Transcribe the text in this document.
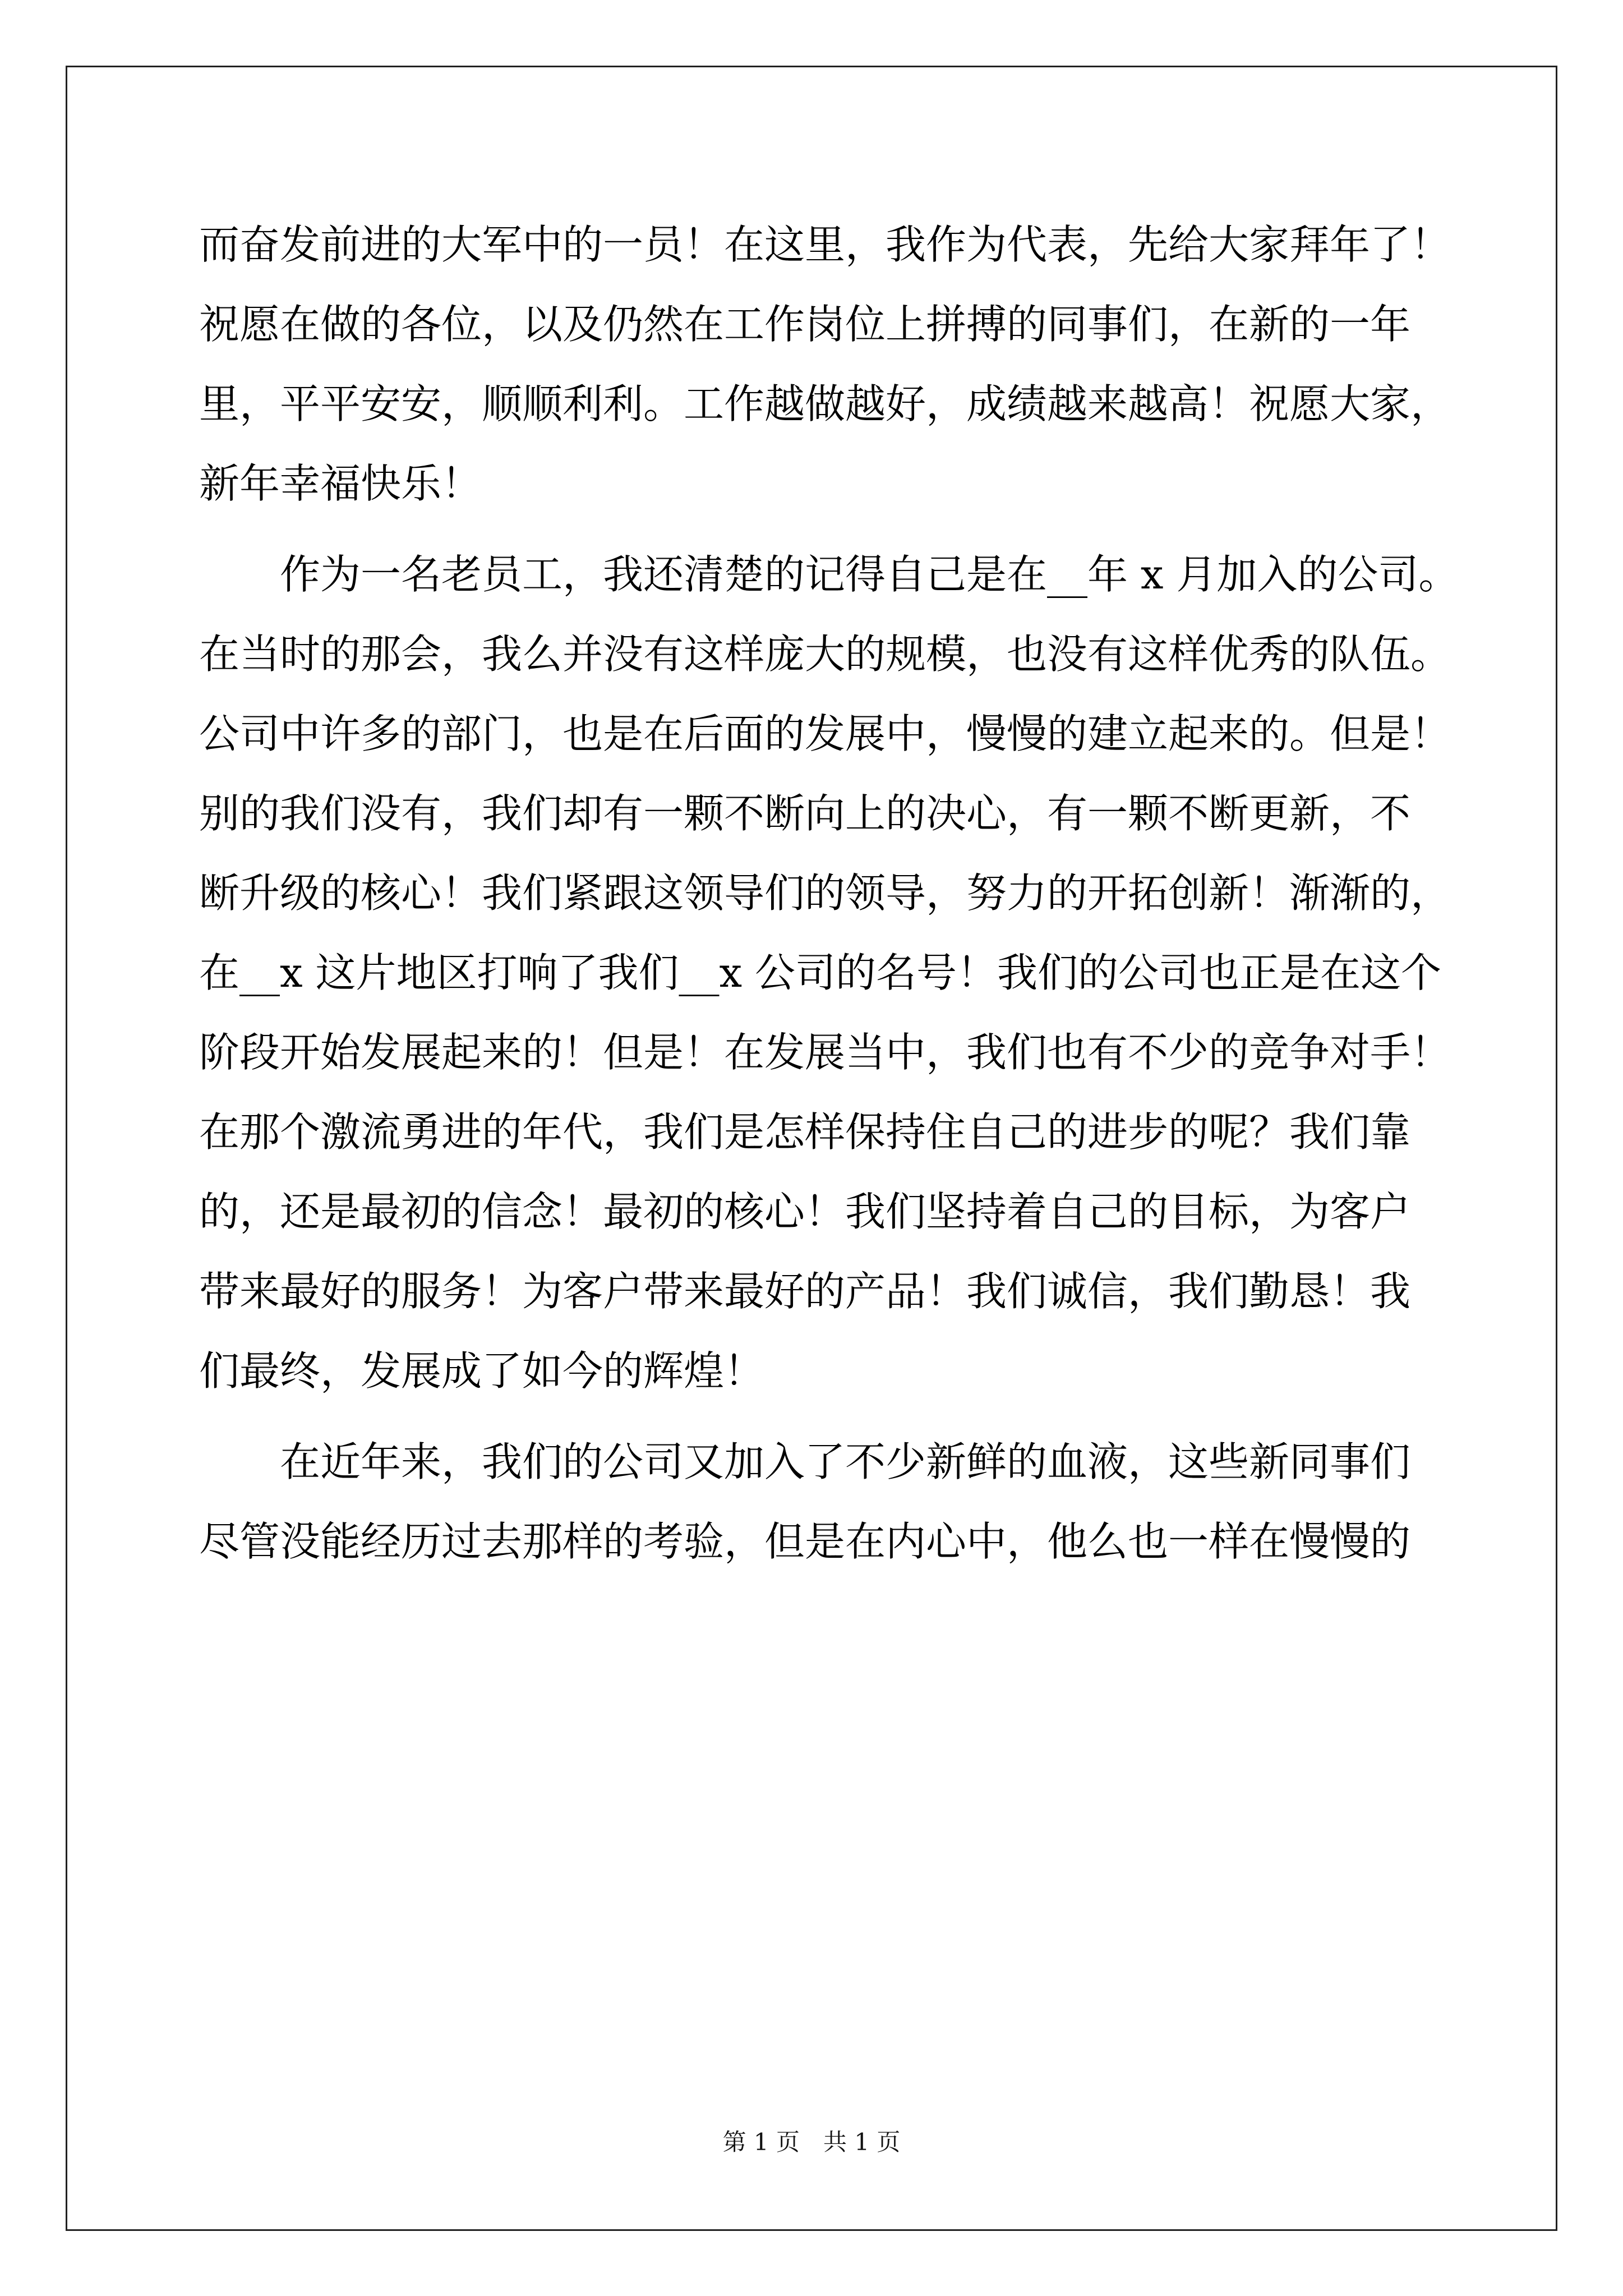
而奋发前进的大军中的一员！在这里，我作为代表，先给大家拜年了！
祝愿在做的各位，以及仍然在工作岗位上拼搏的同事们，在新的一年
里，平平安安，顺顺利利。工作越做越好，成绩越来越高！祝愿大家，
新年幸福快乐！
　　作为一名老员工，我还清楚的记得自己是在__年 x 月加入的公司。
在当时的那会，我么并没有这样庞大的规模，也没有这样优秀的队伍。
公司中许多的部门，也是在后面的发展中，慢慢的建立起来的。但是！
别的我们没有，我们却有一颗不断向上的决心，有一颗不断更新，不
断升级的核心！我们紧跟这领导们的领导，努力的开拓创新！渐渐的，
在__x 这片地区打响了我们__x 公司的名号！我们的公司也正是在这个
阶段开始发展起来的！但是！在发展当中，我们也有不少的竞争对手！
在那个激流勇进的年代，我们是怎样保持住自己的进步的呢？我们靠
的，还是最初的信念！最初的核心！我们坚持着自己的目标，为客户
带来最好的服务！为客户带来最好的产品！我们诚信，我们勤恳！我
们最终，发展成了如今的辉煌！
　　在近年来，我们的公司又加入了不少新鲜的血液，这些新同事们
尽管没能经历过去那样的考验，但是在内心中，他么也一样在慢慢的
第 1 页　共 1 页
